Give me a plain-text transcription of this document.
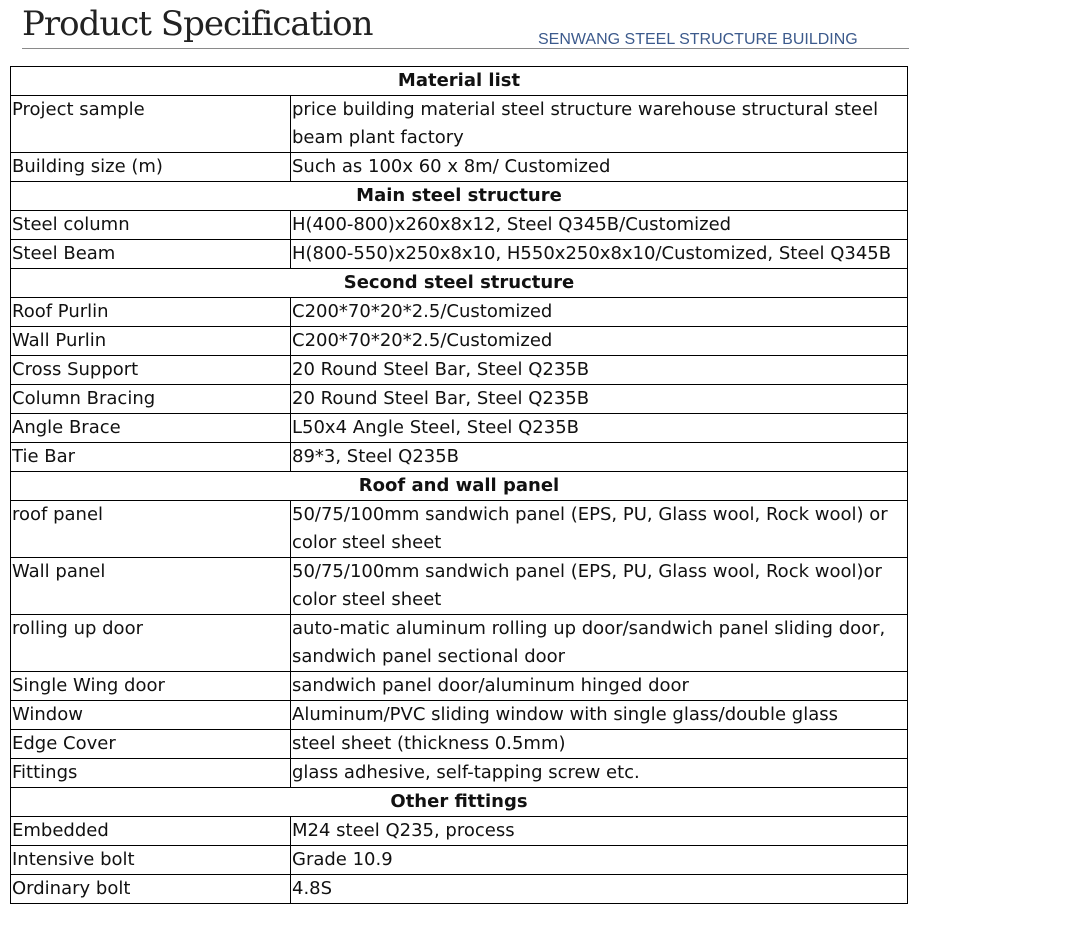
Product Specification	SENWANG STEEL STRUCTURE BUILDING
Material list	
Project sample	price building material steel structure warehouse structural steel beam plant factory
Building size (m)	Such as 100x 60 x 8m/ Customized
Main steel structure	
Steel column	H(400-800)x260x8x12, Steel Q345B/Customized
Steel Beam	H(800-550)x250x8x10, H550x250x8x10/Customized, Steel Q345B
Second steel structure	
Roof Purlin	C200*70*20*2.5/Customized
Wall Purlin	C200*70*20*2.5/Customized
Cross Support	20 Round Steel Bar, Steel Q235B
Column Bracing	20 Round Steel Bar, Steel Q235B
Angle Brace	L50x4 Angle Steel, Steel Q235B
Tie Bar	89*3, Steel Q235B
Roof and wall panel	
roof panel	50/75/100mm sandwich panel (EPS, PU, Glass wool, Rock wool) or color steel sheet
Wall panel	50/75/100mm sandwich panel (EPS, PU, Glass wool, Rock wool)or color steel sheet
rolling up door	auto-matic aluminum rolling up door/sandwich panel sliding door, sandwich panel sectional door
Single Wing door	sandwich panel door/aluminum hinged door
Window	Aluminum/PVC sliding window with single glass/double glass
Edge Cover	steel sheet (thickness 0.5mm)
Fittings	glass adhesive, self-tapping screw etc.
Other fittings	
Embedded	M24 steel Q235, process
Intensive bolt	Grade 10.9
Ordinary bolt	4.8S
